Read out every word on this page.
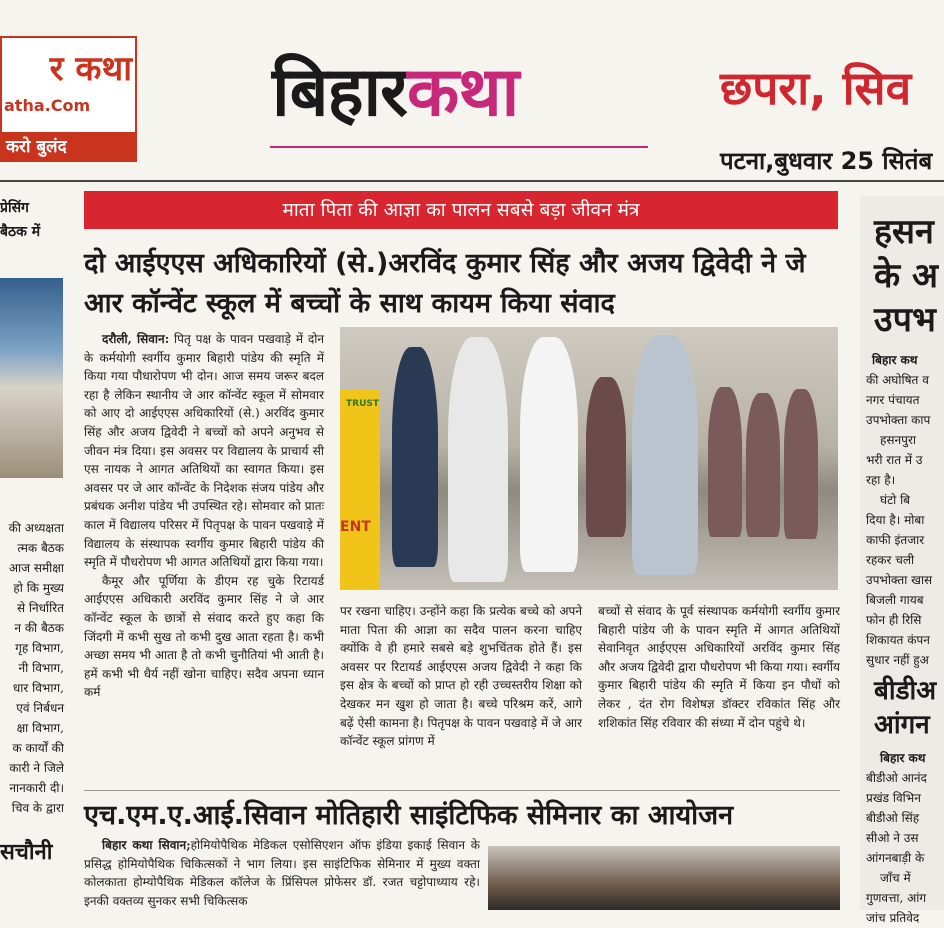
र कथा
atha.Com
करो बुलंद
बिहारकथा	छपरा, सिव
पटना,बुधवार 25 सितंब
प्रेसिंग
बैठक में
की अध्यक्षता
त्मक बैठक
आज समीक्षा
हो कि मुख्य
से निर्धारित
न की बैठक
गृह विभाग,
नी विभाग,
धार विभाग,
एवं निर्बधन
क्षा विभाग,
क कार्यों की
कारी ने जिले
नानकारी दी।
चिव के द्वारा
सचौनी
माता पिता की आज्ञा का पालन सबसे बड़ा जीवन मंत्र
दो आईएएस अधिकारियों (से.)अरविंद कुमार सिंह और अजय द्विवेदी ने जे आर कॉन्वेंट स्कूल में बच्चों के साथ कायम किया संवाद

दरौली, सिवान: पितृ पक्ष के पावन पखवाड़े में दोन के कर्मयोगी स्वर्गीय कुमार बिहारी पांडेय की स्मृति में किया गया पौधारोपण भी दोन। आज समय जरूर बदल रहा है लेकिन स्थानीय जे आर कॉन्वेंट स्कूल में सोमवार को आए दो आईएएस अधिकारियों (से.) अरविंद कुमार सिंह और अजय द्विवेदी ने बच्चों को अपने अनुभव से जीवन मंत्र दिया। इस अवसर पर विद्यालय के प्राचार्य सी एस नायक ने आगत अतिथियों का स्वागत किया। इस अवसर पर जे आर कॉन्वेंट के निदेशक संजय पांडेय और प्रबंधक अनीश पांडेय भी उपस्थित रहे। सोमवार को प्रातः काल में विद्यालय परिसर में पितृपक्ष के पावन पखवाड़े में विद्यालय के संस्थापक स्वर्गीय कुमार बिहारी पांडेय की स्मृति में पौधरोपण भी आगत अतिथियों द्वारा किया गया।

कैमूर और पूर्णिया के डीएम रह चुके रिटायर्ड आईएएस अधिकारी अरविंद कुमार सिंह ने जे आर कॉन्वेंट स्कूल के छात्रों से संवाद करते हुए कहा कि जिंदगी में कभी सुख तो कभी दुख आता रहता है। कभी अच्छा समय भी आता है तो कभी चुनौतियां भी आती है। हमें कभी भी धैर्य नहीं खोना चाहिए। सदैव अपना ध्यान कर्म

TRUST
ENT
पर रखना चाहिए। उन्होंने कहा कि प्रत्येक बच्चे को अपने माता पिता की आज्ञा का सदैव पालन करना चाहिए क्योंकि वे ही हमारे सबसे बड़े शुभचिंतक होते हैं। इस अवसर पर रिटायर्ड आईएएस अजय द्विवेदी ने कहा कि इस क्षेत्र के बच्चों को प्राप्त हो रही उच्चस्तरीय शिक्षा को देखकर मन खुश हो जाता है। बच्चे परिश्रम करें, आगे बढ़ें ऐसी कामना है। पितृपक्ष के पावन पखवाड़े में जे आर कॉन्वेंट स्कूल प्रांगण में
बच्चों से संवाद के पूर्व संस्थापक कर्मयोगी स्वर्गीय कुमार बिहारी पांडेय जी के पावन स्मृति में आगत अतिथियों सेवानिवृत आईएएस अधिकारियों अरविंद कुमार सिंह और अजय द्विवेदी द्वारा पौधरोपण भी किया गया। स्वर्गीय कुमार बिहारी पांडेय की स्मृति में किया इन पौधों को लेकर , दंत रोग विशेषज्ञ डॉक्टर रविकांत सिंह और शशिकांत सिंह रविवार की संध्या में दोन पहुंचे थे।
एच.एम.ए.आई.सिवान मोतिहारी साइंटिफिक सेमिनार का आयोजन

बिहार कथा सिवान;होमियोपैथिक मेडिकल एसोसिएशन ऑफ इंडिया इकाई सिवान के प्रसिद्ध होमियोपैथिक चिकित्सकों ने भाग लिया। इस साइंटिफिक सेमिनार में मुख्य वक्ता कोलकाता होम्योपैथिक मेडिकल कॉलेज के प्रिंसिपल प्रोफेसर डॉ. रजत चट्टोपाध्याय रहे। इनकी वक्तव्य सुनकर सभी चिकित्सक

हसन
के अ
उपभ
बिहार कथ
की अघोषित व
नगर पंचायत
उपभोक्ता काप
हसनपुरा
भरी रात में उ
रहा है।
घंटो बि
दिया है। मोबा
काफी इंतजार
रहकर चली
उपभोक्ता खास
बिजली गायब
फोन ही रिसि
शिकायत कंपन
सुधार नहीं हुअ
बीडीअ
आंगन
बिहार कथ
बीडीओ आनंद
प्रखंड विभिन
बीडीओ सिंह
सीओ ने उस
आंगनबाड़ी के
जाँच में
गुणवत्ता, आंग
जांच प्रतिवेद
